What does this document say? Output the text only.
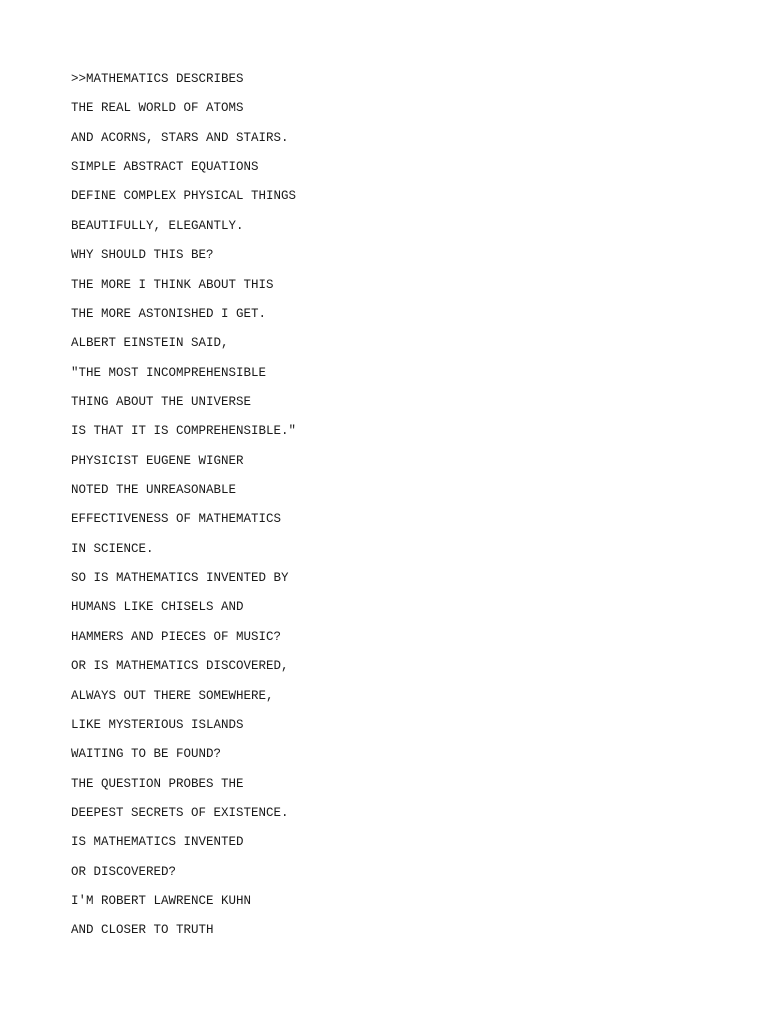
>>MATHEMATICS DESCRIBES
THE REAL WORLD OF ATOMS
AND ACORNS, STARS AND STAIRS.
SIMPLE ABSTRACT EQUATIONS
DEFINE COMPLEX PHYSICAL THINGS
BEAUTIFULLY, ELEGANTLY.
WHY SHOULD THIS BE?
THE MORE I THINK ABOUT THIS
THE MORE ASTONISHED I GET.
ALBERT EINSTEIN SAID,
"THE MOST INCOMPREHENSIBLE
THING ABOUT THE UNIVERSE
IS THAT IT IS COMPREHENSIBLE."
PHYSICIST EUGENE WIGNER
NOTED THE UNREASONABLE
EFFECTIVENESS OF MATHEMATICS
IN SCIENCE.
SO IS MATHEMATICS INVENTED BY
HUMANS LIKE CHISELS AND
HAMMERS AND PIECES OF MUSIC?
OR IS MATHEMATICS DISCOVERED,
ALWAYS OUT THERE SOMEWHERE,
LIKE MYSTERIOUS ISLANDS
WAITING TO BE FOUND?
THE QUESTION PROBES THE
DEEPEST SECRETS OF EXISTENCE.
IS MATHEMATICS INVENTED
OR DISCOVERED?
I'M ROBERT LAWRENCE KUHN
AND CLOSER TO TRUTH
